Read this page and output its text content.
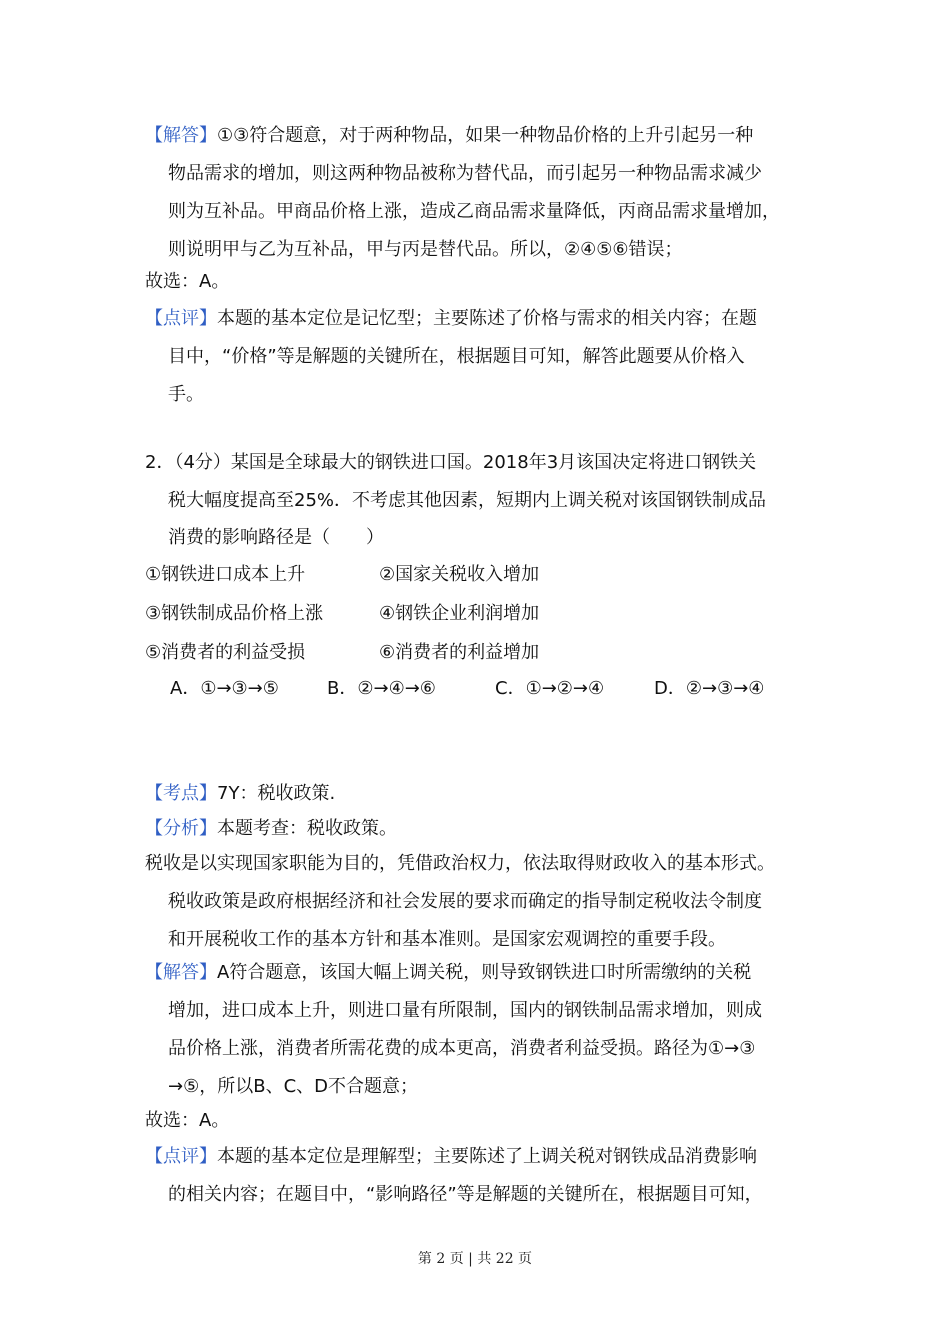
【解答】①③符合题意，对于两种物品，如果一种物品价格的上升引起另一种
物品需求的增加，则这两种物品被称为替代品，而引起另一种物品需求减少
则为互补品。甲商品价格上涨，造成乙商品需求量降低，丙商品需求量增加，
则说明甲与乙为互补品，甲与丙是替代品。所以，②④⑤⑥错误；
故选：A。
【点评】本题的基本定位是记忆型；主要陈述了价格与需求的相关内容；在题
目中，“价格”等是解题的关键所在，根据题目可知，解答此题要从价格入
手。
2．（4分）某国是全球最大的钢铁进口国。2018年3月该国决定将进口钢铁关
税大幅度提高至25%．不考虑其他因素，短期内上调关税对该国钢铁制成品
消费的影响路径是（　　）
①钢铁进口成本上升	②国家关税收入增加
③钢铁制成品价格上涨	④钢铁企业利润增加
⑤消费者的利益受损	⑥消费者的利益增加
A．①→③→⑤	B．②→④→⑥	C．①→②→④	D．②→③→④
【考点】7Y：税收政策.
【分析】本题考查：税收政策。
税收是以实现国家职能为目的，凭借政治权力，依法取得财政收入的基本形式。
税收政策是政府根据经济和社会发展的要求而确定的指导制定税收法令制度
和开展税收工作的基本方针和基本准则。是国家宏观调控的重要手段。
【解答】A符合题意，该国大幅上调关税，则导致钢铁进口时所需缴纳的关税
增加，进口成本上升，则进口量有所限制，国内的钢铁制品需求增加，则成
品价格上涨，消费者所需花费的成本更高，消费者利益受损。路径为①→③
→⑤，所以B、C、D不合题意；
故选：A。
【点评】本题的基本定位是理解型；主要陈述了上调关税对钢铁成品消费影响
的相关内容；在题目中，“影响路径”等是解题的关键所在，根据题目可知，
第 2 页 | 共 22 页
